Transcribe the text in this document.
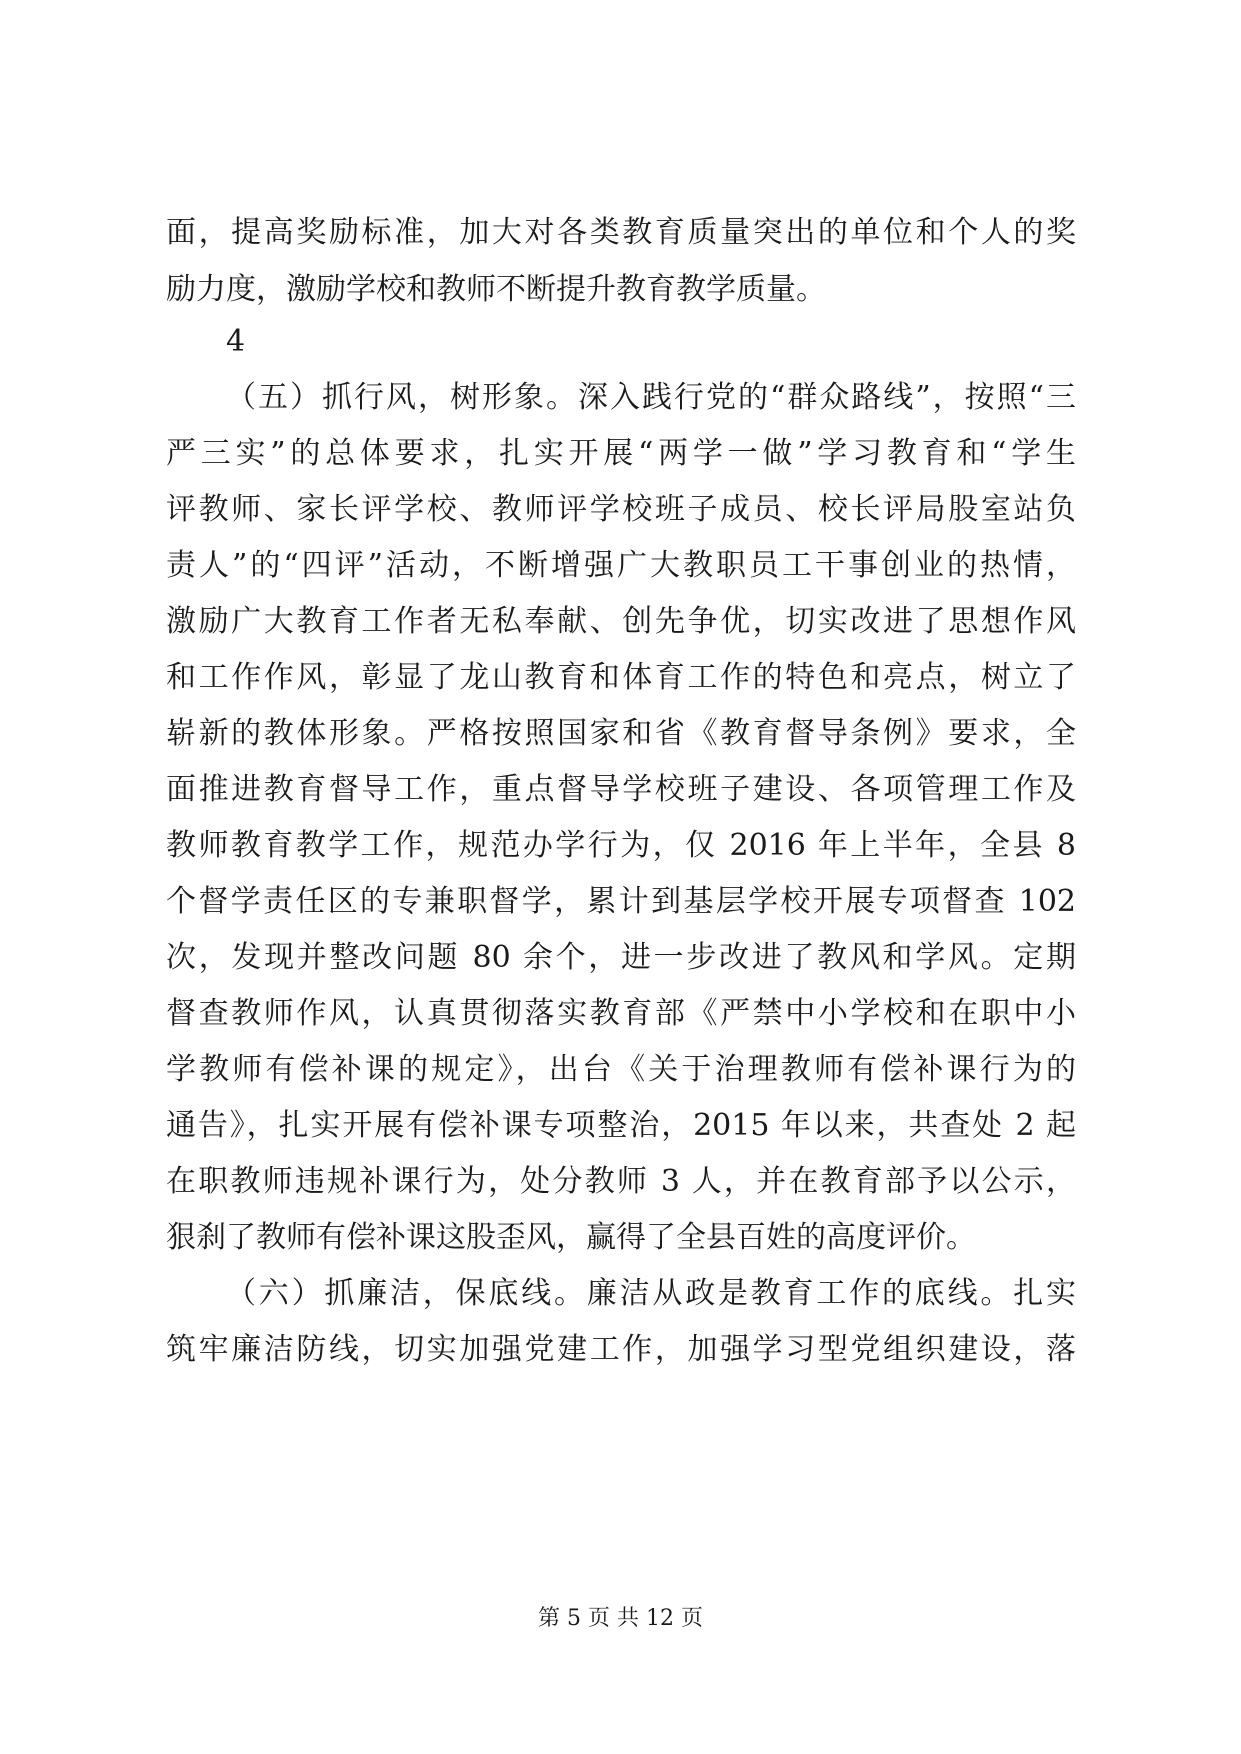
面，提高奖励标准，加大对各类教育质量突出的单位和个人的奖
励力度，激励学校和教师不断提升教育教学质量。
4
（五）抓行风，树形象。深入践行党的“群众路线”，按照“三
严三实”的总体要求，扎实开展“两学一做”学习教育和“学生
评教师、家长评学校、教师评学校班子成员、校长评局股室站负
责人”的“四评”活动，不断增强广大教职员工干事创业的热情，
激励广大教育工作者无私奉献、创先争优，切实改进了思想作风
和工作作风，彰显了龙山教育和体育工作的特色和亮点，树立了
崭新的教体形象。严格按照国家和省《教育督导条例》要求，全
面推进教育督导工作，重点督导学校班子建设、各项管理工作及
教师教育教学工作，规范办学行为，仅 2016 年上半年，全县 8
个督学责任区的专兼职督学，累计到基层学校开展专项督查 102
次，发现并整改问题 80 余个，进一步改进了教风和学风。定期
督查教师作风，认真贯彻落实教育部《严禁中小学校和在职中小
学教师有偿补课的规定》，出台《关于治理教师有偿补课行为的
通告》，扎实开展有偿补课专项整治，2015 年以来，共查处 2 起
在职教师违规补课行为，处分教师 3 人，并在教育部予以公示，
狠刹了教师有偿补课这股歪风，赢得了全县百姓的高度评价。
（六）抓廉洁，保底线。廉洁从政是教育工作的底线。扎实
筑牢廉洁防线，切实加强党建工作，加强学习型党组织建设，落
第 5 页 共 12 页
